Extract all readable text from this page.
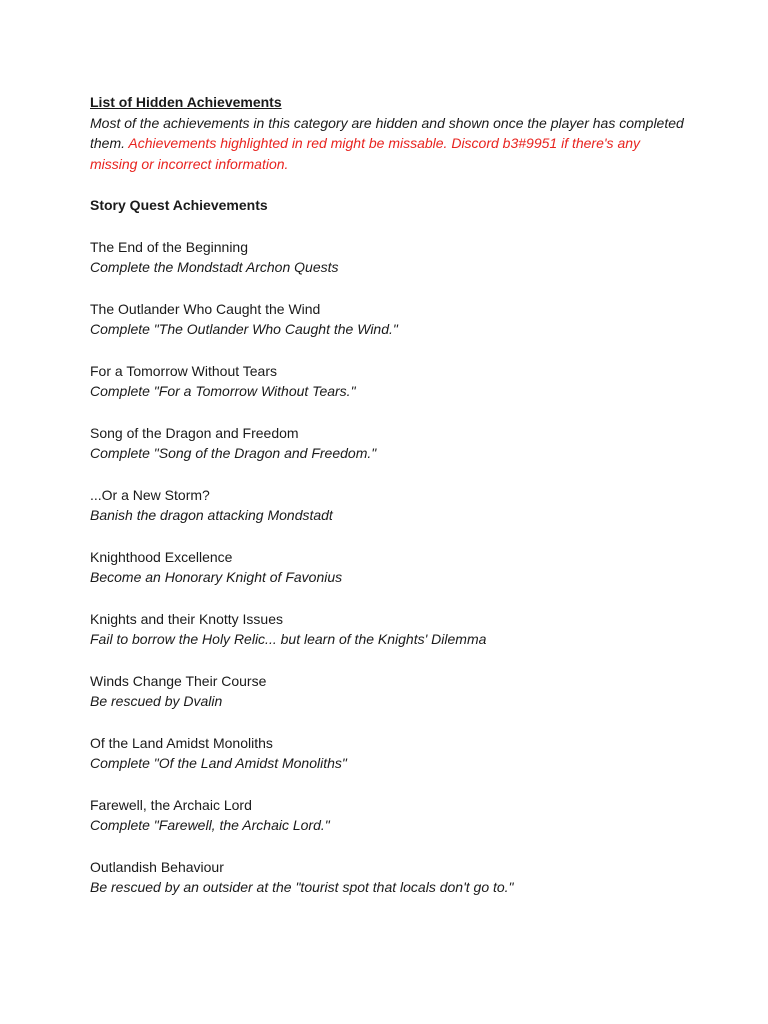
List of Hidden Achievements

Most of the achievements in this category are hidden and shown once the player has completed them. Achievements highlighted in red might be missable. Discord b3#9951 if there's any missing or incorrect information.

Story Quest Achievements

The End of the Beginning
Complete the Mondstadt Archon Quests
The Outlander Who Caught the Wind
Complete "The Outlander Who Caught the Wind."
For a Tomorrow Without Tears
Complete "For a Tomorrow Without Tears."
Song of the Dragon and Freedom
Complete "Song of the Dragon and Freedom."
...Or a New Storm?
Banish the dragon attacking Mondstadt
Knighthood Excellence
Become an Honorary Knight of Favonius
Knights and their Knotty Issues
Fail to borrow the Holy Relic... but learn of the Knights' Dilemma
Winds Change Their Course
Be rescued by Dvalin
Of the Land Amidst Monoliths
Complete "Of the Land Amidst Monoliths"
Farewell, the Archaic Lord
Complete "Farewell, the Archaic Lord."
Outlandish Behaviour
Be rescued by an outsider at the "tourist spot that locals don't go to."
